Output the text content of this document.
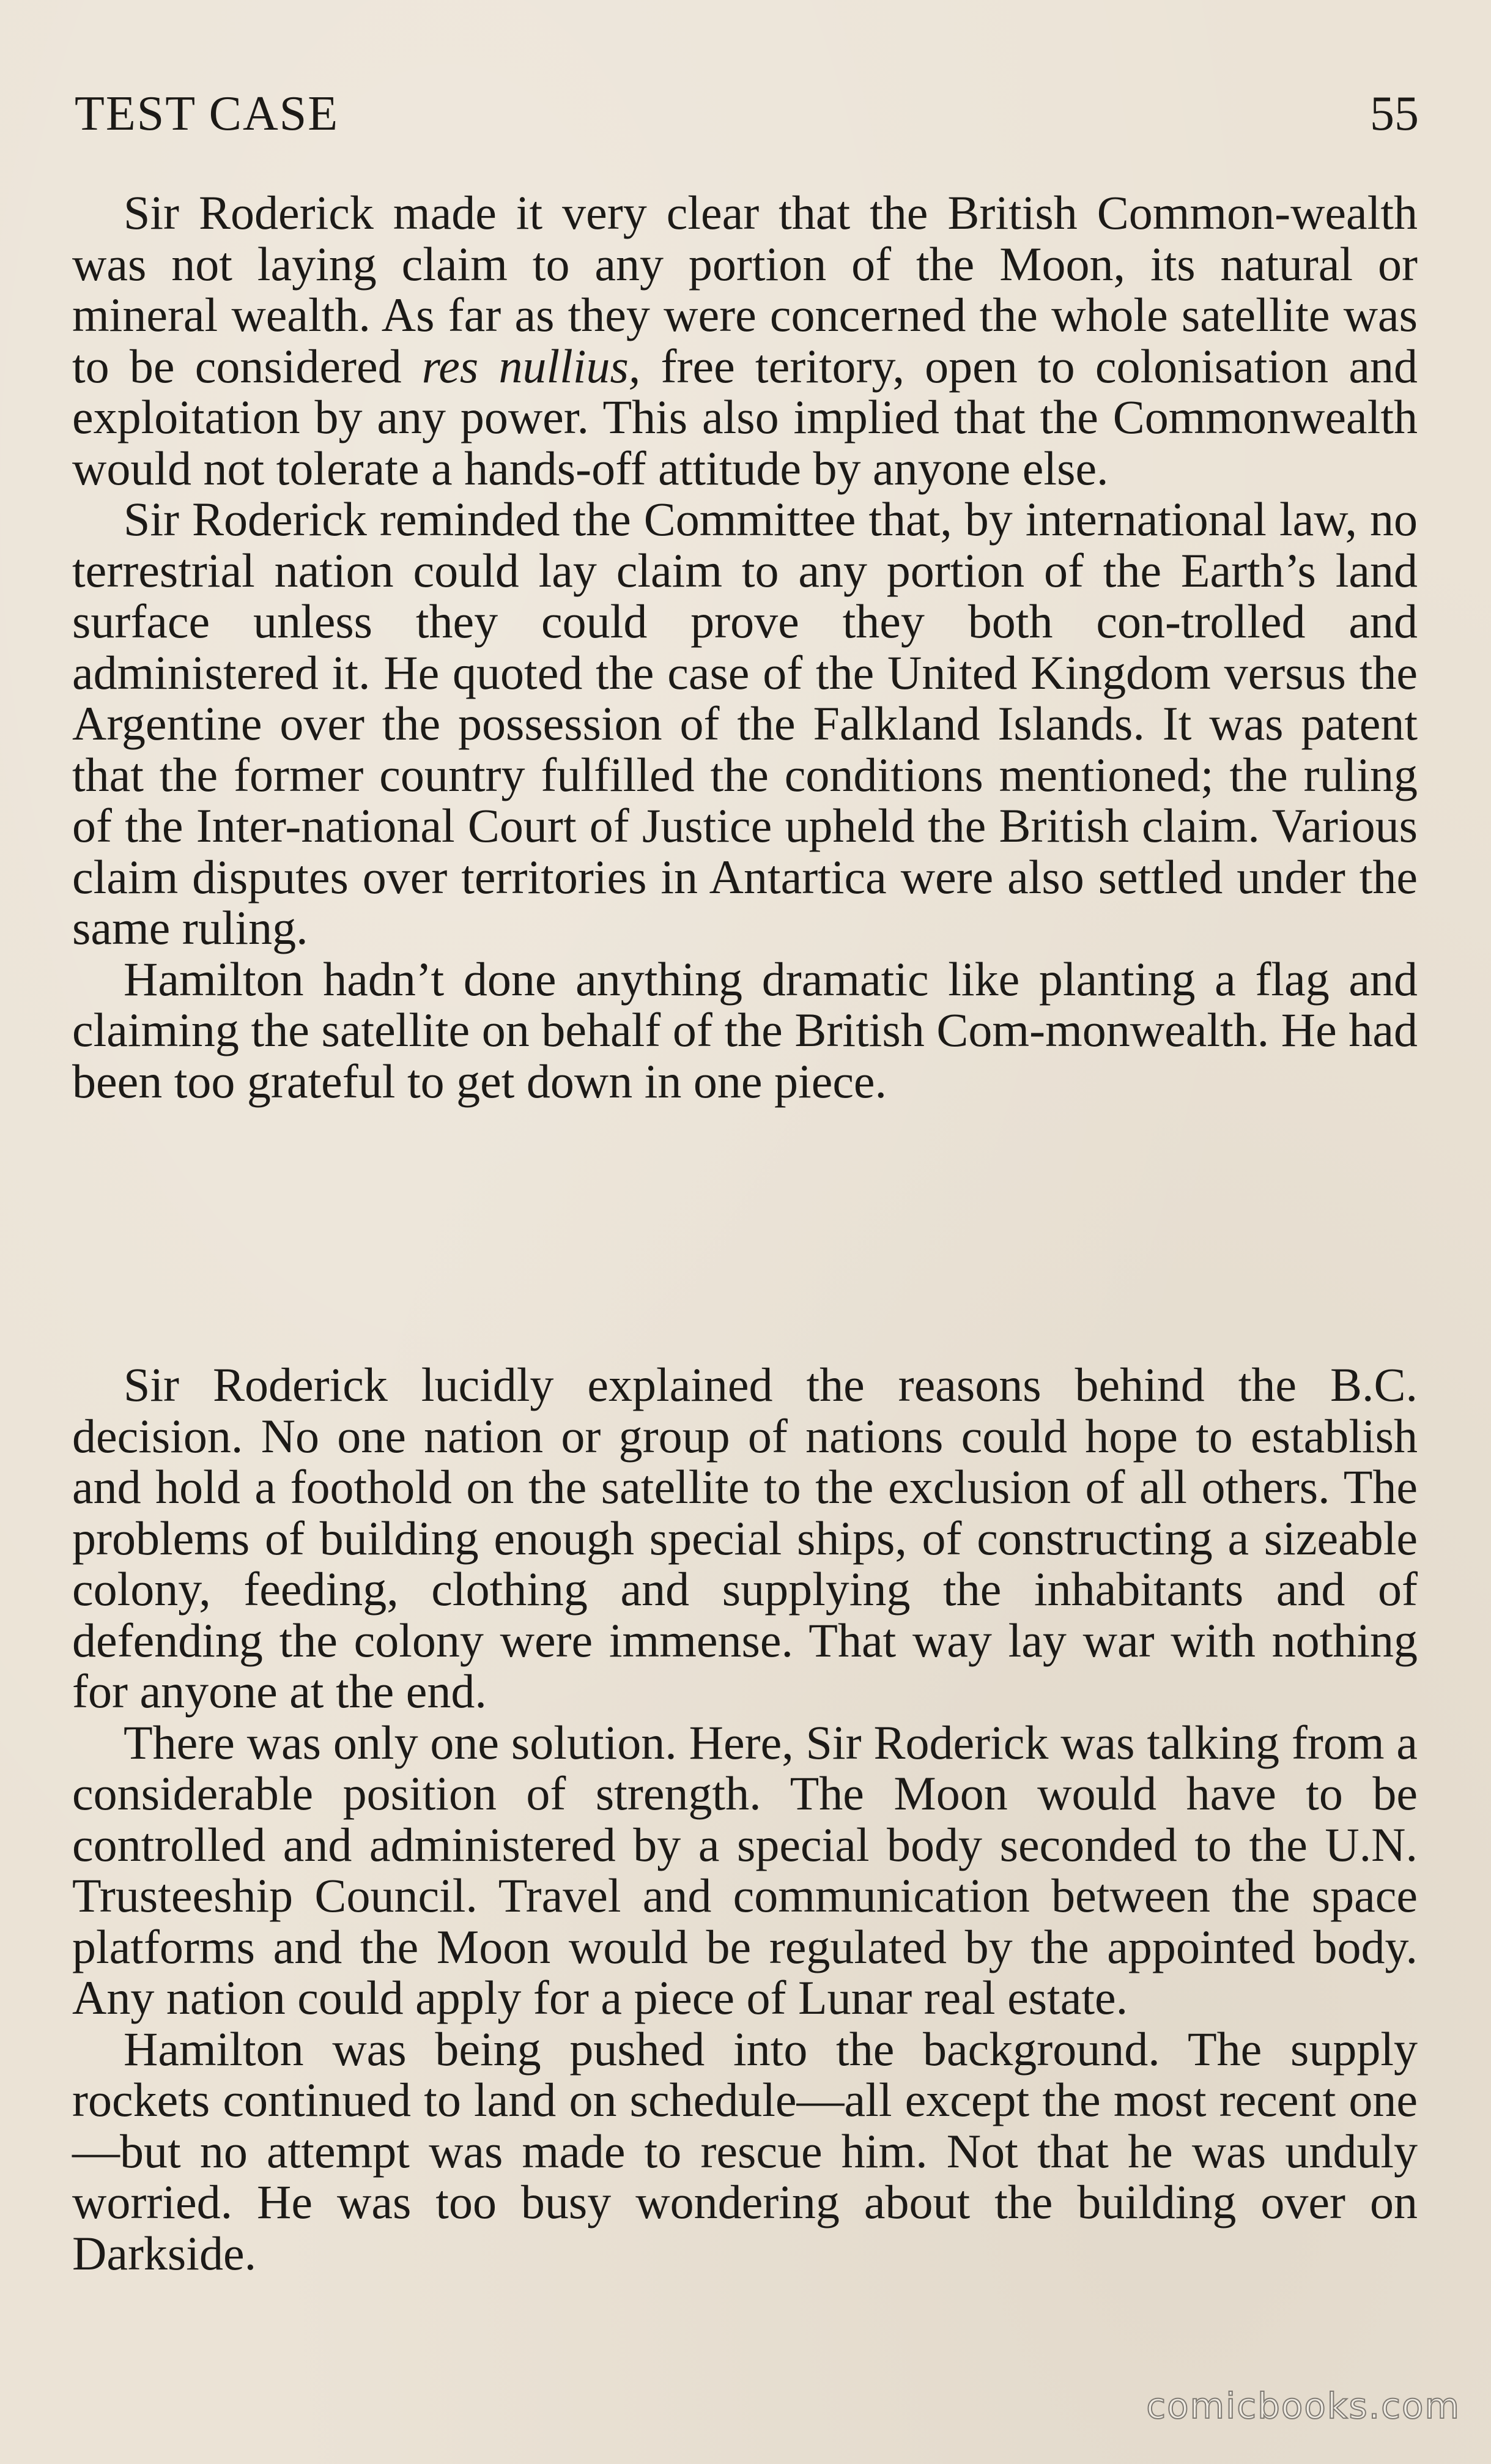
TEST CASE	55

Sir Roderick made it very clear that the British Common-wealth was not laying claim to any portion of the Moon, its natural or mineral wealth. As far as they were concerned the whole satellite was to be considered res nullius, free teritory, open to colonisation and exploitation by any power. This also implied that the Commonwealth would not tolerate a hands-off attitude by anyone else.

Sir Roderick reminded the Committee that, by international law, no terrestrial nation could lay claim to any portion of the Earth’s land surface unless they could prove they both con-trolled and administered it. He quoted the case of the United Kingdom versus the Argentine over the possession of the Falkland Islands. It was patent that the former country fulfilled the conditions mentioned; the ruling of the Inter-national Court of Justice upheld the British claim. Various claim disputes over territories in Antartica were also settled under the same ruling.

Hamilton hadn’t done anything dramatic like planting a flag and claiming the satellite on behalf of the British Com-monwealth. He had been too grateful to get down in one piece.

Sir Roderick lucidly explained the reasons behind the B.C. decision. No one nation or group of nations could hope to establish and hold a foothold on the satellite to the exclusion of all others. The problems of building enough special ships, of constructing a sizeable colony, feeding, clothing and supplying the inhabitants and of defending the colony were immense. That way lay war with nothing for anyone at the end.

There was only one solution. Here, Sir Roderick was talking from a considerable position of strength. The Moon would have to be controlled and administered by a special body seconded to the U.N. Trusteeship Council. Travel and communication between the space platforms and the Moon would be regulated by the appointed body. Any nation could apply for a piece of Lunar real estate.

Hamilton was being pushed into the background. The supply rockets continued to land on schedule—all except the most recent one—but no attempt was made to rescue him. Not that he was unduly worried. He was too busy wondering about the building over on Darkside.

comicbooks.com
